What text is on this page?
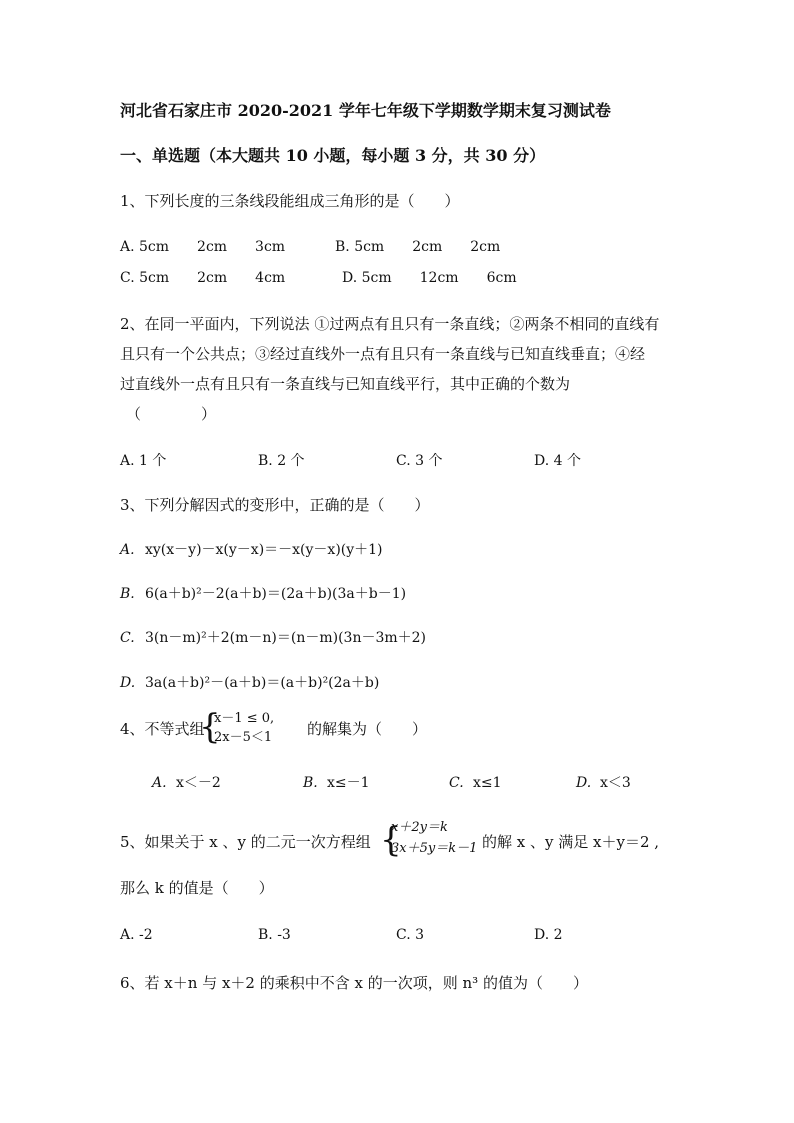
河北省石家庄市 2020-2021 学年七年级下学期数学期末复习测试卷
一、单选题（本大题共 10 小题，每小题 3 分，共 30 分）
1、下列长度的三条线段能组成三角形的是（　　）
A. 5cm　　2cm　　3cm	B. 5cm　　2cm　　2cm
C. 5cm　　2cm　　4cm	D. 5cm　　12cm　　6cm
2、在同一平面内，下列说法 ①过两点有且只有一条直线；②两条不相同的直线有
且只有一个公共点；③经过直线外一点有且只有一条直线与已知直线垂直；④经
过直线外一点有且只有一条直线与已知直线平行，其中正确的个数为
（　　　　）
A. 1 个	B. 2 个	C. 3 个	D. 4 个
3、下列分解因式的变形中，正确的是（　　）
A. xy(x－y)－x(y－x)＝－x(y－x)(y＋1)
B. 6(a＋b)²－2(a＋b)＝(2a＋b)(3a＋b－1)
C. 3(n－m)²＋2(m－n)＝(n－m)(3n－3m＋2)
D. 3a(a＋b)²－(a＋b)＝(a＋b)²(2a＋b)
4、不等式组
{
x－1 ≤ 0,
2x－5＜1 的解集为（　　）
A. x＜－2	B. x≤－1	C. x≤1	D. x＜3
5、如果关于 x 、y 的二元一次方程组 {
x＋2y＝k
3x＋5y＝k－1 的解 x 、y 满足 x＋y＝2 ,
那么 k 的值是（　　）
A. -2	B. -3	C. 3	D. 2
6、若 x＋n 与 x＋2 的乘积中不含 x 的一次项，则 n³ 的值为（　　）
